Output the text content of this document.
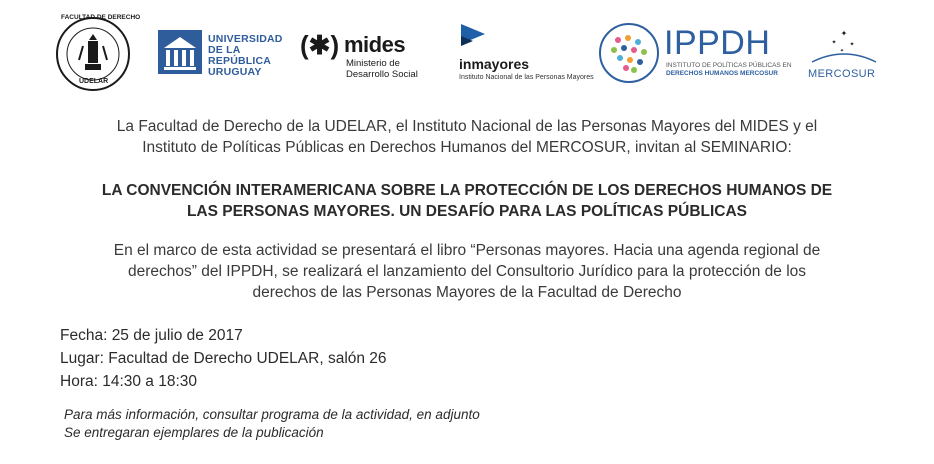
FACULTAD DE DERECHO
UDELAR
UNIVERSIDAD
DE LA REPÚBLICA
URUGUAY
(✱) mides
Ministerio de
Desarrollo Social
inmayores
Instituto Nacional de las Personas Mayores
IPPDH
INSTITUTO DE POLÍTICAS PÚBLICAS EN
DERECHOS HUMANOS MERCOSUR
✦
✦ ✦
✦
MERCOSUR
La Facultad de Derecho de la UDELAR, el Instituto Nacional de las Personas Mayores del MIDES y el
Instituto de Políticas Públicas en Derechos Humanos del MERCOSUR, invitan al SEMINARIO:
LA CONVENCIÓN INTERAMERICANA SOBRE LA PROTECCIÓN DE LOS DERECHOS HUMANOS DE
LAS PERSONAS MAYORES. UN DESAFÍO PARA LAS POLÍTICAS PÚBLICAS
En el marco de esta actividad se presentará el libro “Personas mayores. Hacia una agenda regional de
derechos” del IPPDH, se realizará el lanzamiento del Consultorio Jurídico para la protección de los
derechos de las Personas Mayores de la Facultad de Derecho
Fecha: 25 de julio de 2017
Lugar: Facultad de Derecho UDELAR, salón 26
Hora: 14:30 a 18:30
Para más información, consultar programa de la actividad, en adjunto
Se entregaran ejemplares de la publicación
